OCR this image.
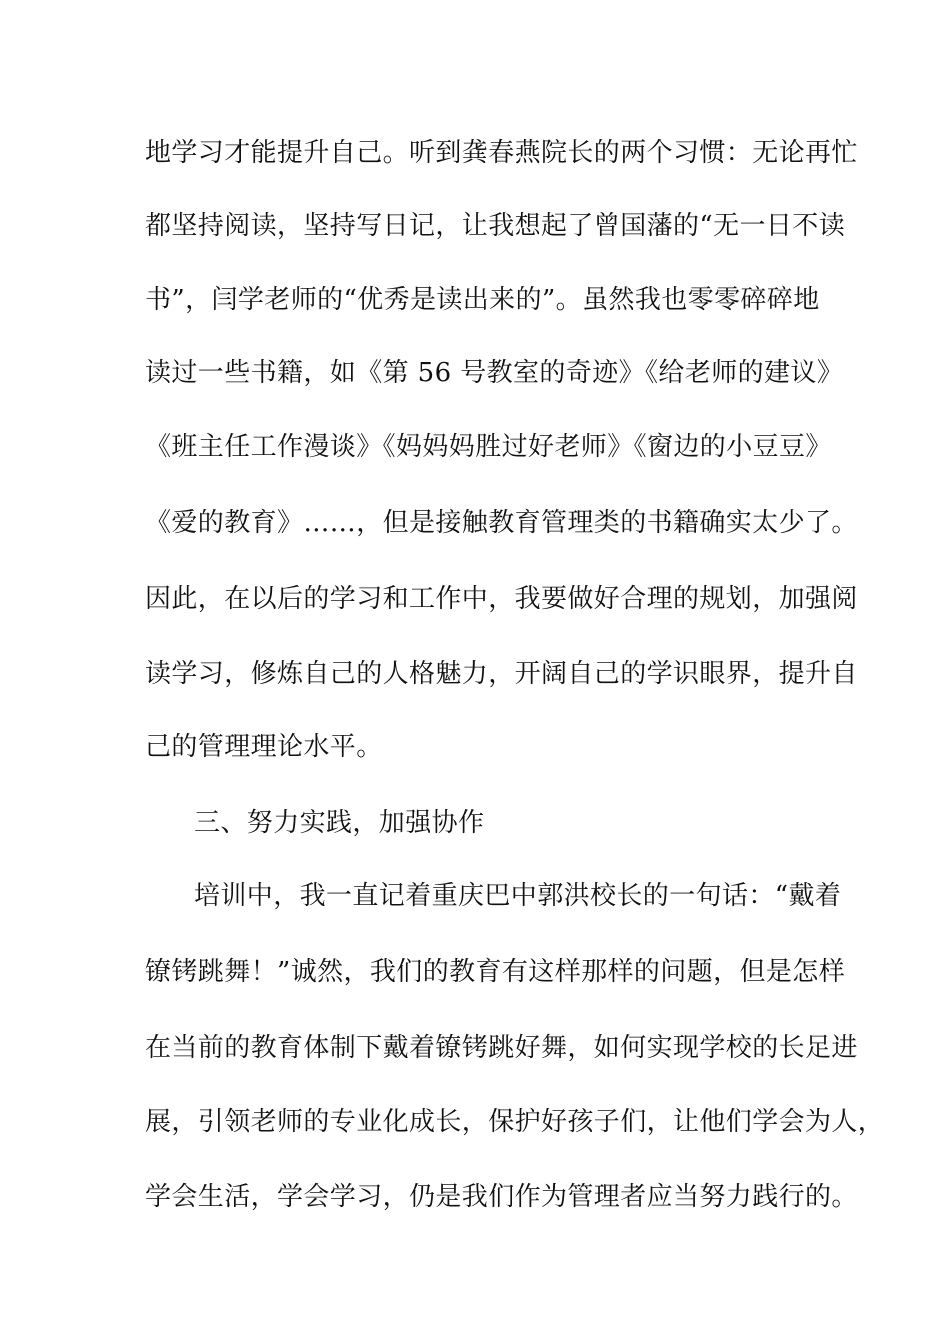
地学习才能提升自己。听到龚春燕院长的两个习惯：无论再忙
都坚持阅读，坚持写日记，让我想起了曾国藩的“无一日不读
书”，闫学老师的“优秀是读出来的”。虽然我也零零碎碎地
读过一些书籍，如《第 56 号教室的奇迹》《给老师的建议》
《班主任工作漫谈》《妈妈妈胜过好老师》《窗边的小豆豆》
《爱的教育》……，但是接触教育管理类的书籍确实太少了。
因此，在以后的学习和工作中，我要做好合理的规划，加强阅
读学习，修炼自己的人格魅力，开阔自己的学识眼界，提升自
己的管理理论水平。
三、努力实践，加强协作
培训中，我一直记着重庆巴中郭洪校长的一句话：“戴着
镣铐跳舞！”诚然，我们的教育有这样那样的问题，但是怎样
在当前的教育体制下戴着镣铐跳好舞，如何实现学校的长足进
展，引领老师的专业化成长，保护好孩子们，让他们学会为人，
学会生活，学会学习，仍是我们作为管理者应当努力践行的。
